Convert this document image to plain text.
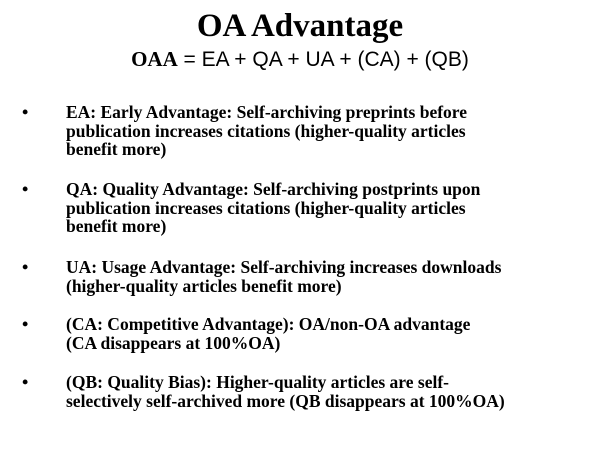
OA Advantage
OAA = EA + QA + UA + (CA) + (QB)
• EA: Early Advantage: Self-archiving preprints before
publication increases citations (higher-quality articles
benefit more)
• QA: Quality Advantage: Self-archiving postprints upon
publication increases citations (higher-quality articles
benefit more)
• UA: Usage Advantage: Self-archiving increases downloads
(higher-quality articles benefit more)
• (CA: Competitive Advantage): OA/non-OA advantage
(CA disappears at 100%OA)
• (QB: Quality Bias): Higher-quality articles are self-
selectively self-archived more (QB disappears at 100%OA)
